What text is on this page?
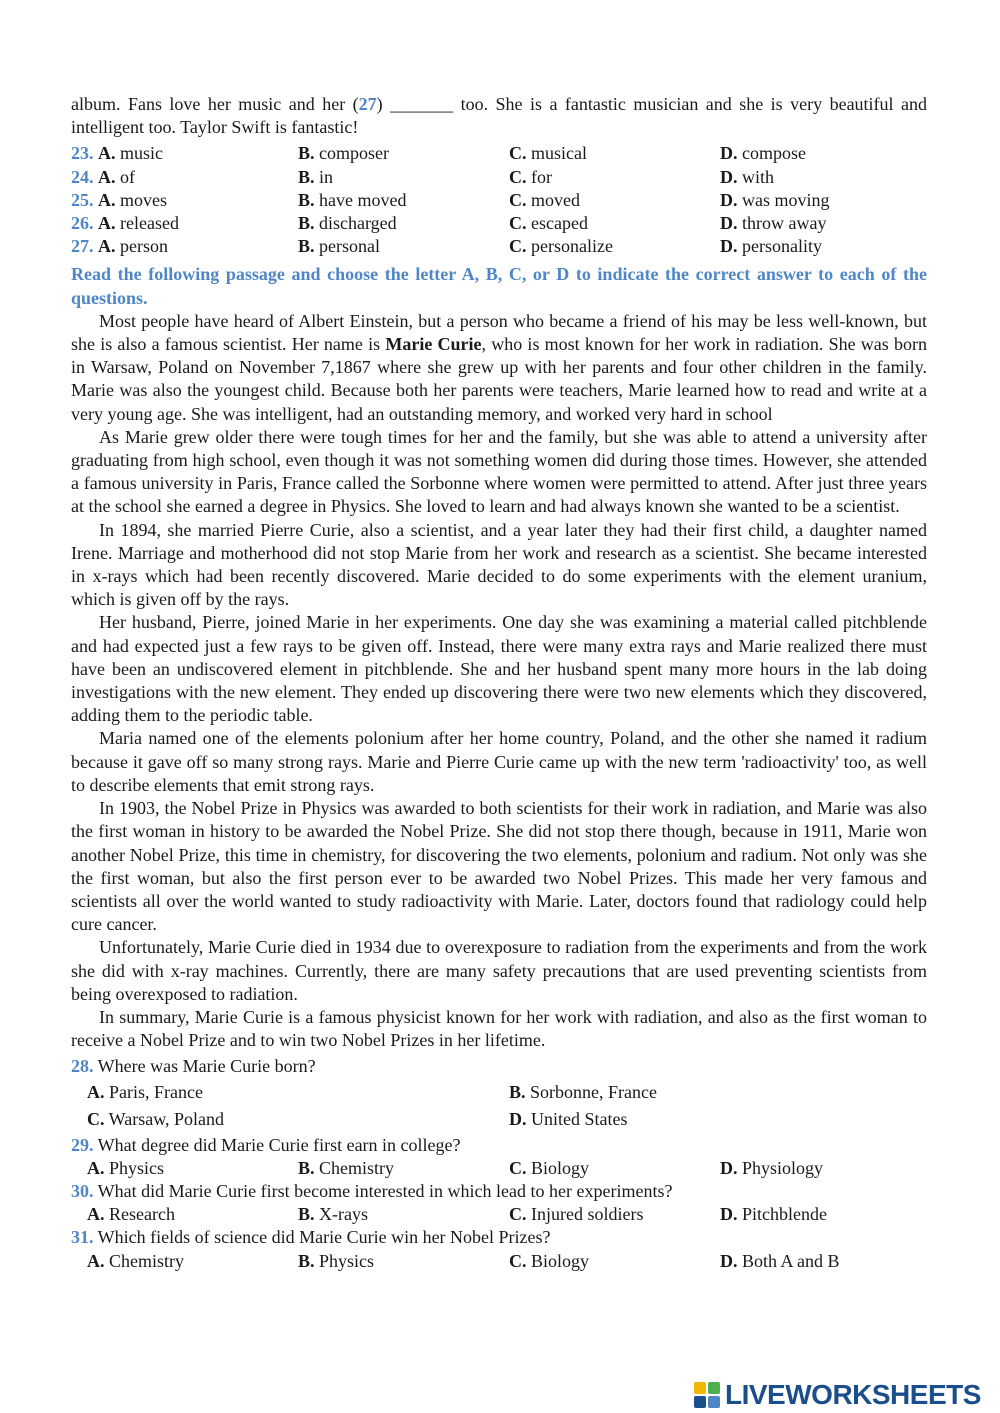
album. Fans love her music and her (27) _______ too. She is a fantastic musician and she is very beautiful and intelligent too. Taylor Swift is fantastic!
23. A. music	B. composer	C. musical	D. compose
24. A. of	B. in	C. for	D. with
25. A. moves	B. have moved	C. moved	D. was moving
26. A. released	B. discharged	C. escaped	D. throw away
27. A. person	B. personal	C. personalize	D. personality
Read the following passage and choose the letter A, B, C, or D to indicate the correct answer to each of the questions.

Most people have heard of Albert Einstein, but a person who became a friend of his may be less well-known, but she is also a famous scientist. Her name is Marie Curie, who is most known for her work in radiation. She was born in Warsaw, Poland on November 7,1867 where she grew up with her parents and four other children in the family. Marie was also the youngest child. Because both her parents were teachers, Marie learned how to read and write at a very young age. She was intelligent, had an outstanding memory, and worked very hard in school

As Marie grew older there were tough times for her and the family, but she was able to attend a university after graduating from high school, even though it was not something women did during those times. However, she attended a famous university in Paris, France called the Sorbonne where women were permitted to attend. After just three years at the school she earned a degree in Physics. She loved to learn and had always known she wanted to be a scientist.

In 1894, she married Pierre Curie, also a scientist, and a year later they had their first child, a daughter named Irene. Marriage and motherhood did not stop Marie from her work and research as a scientist. She became interested in x-rays which had been recently discovered. Marie decided to do some experiments with the element uranium, which is given off by the rays.

Her husband, Pierre, joined Marie in her experiments. One day she was examining a material called pitchblende and had expected just a few rays to be given off. Instead, there were many extra rays and Marie realized there must have been an undiscovered element in pitchblende. She and her husband spent many more hours in the lab doing investigations with the new element. They ended up discovering there were two new elements which they discovered, adding them to the periodic table.

Maria named one of the elements polonium after her home country, Poland, and the other she named it radium because it gave off so many strong rays. Marie and Pierre Curie came up with the new term 'radioactivity' too, as well to describe elements that emit strong rays.

In 1903, the Nobel Prize in Physics was awarded to both scientists for their work in radiation, and Marie was also the first woman in history to be awarded the Nobel Prize. She did not stop there though, because in 1911, Marie won another Nobel Prize, this time in chemistry, for discovering the two elements, polonium and radium. Not only was she the first woman, but also the first person ever to be awarded two Nobel Prizes. This made her very famous and scientists all over the world wanted to study radioactivity with Marie. Later, doctors found that radiology could help cure cancer.

Unfortunately, Marie Curie died in 1934 due to overexposure to radiation from the experiments and from the work she did with x-ray machines. Currently, there are many safety precautions that are used preventing scientists from being overexposed to radiation.

In summary, Marie Curie is a famous physicist known for her work with radiation, and also as the first woman to receive a Nobel Prize and to win two Nobel Prizes in her lifetime.

28. Where was Marie Curie born?
A. Paris, France	B. Sorbonne, France
C. Warsaw, Poland	D. United States
29. What degree did Marie Curie first earn in college?
A. Physics	B. Chemistry	C. Biology	D. Physiology
30. What did Marie Curie first become interested in which lead to her experiments?
A. Research	B. X-rays	C. Injured soldiers	D. Pitchblende
31. Which fields of science did Marie Curie win her Nobel Prizes?
A. Chemistry	B. Physics	C. Biology	D. Both A and B
LIVEWORKSHEETS
